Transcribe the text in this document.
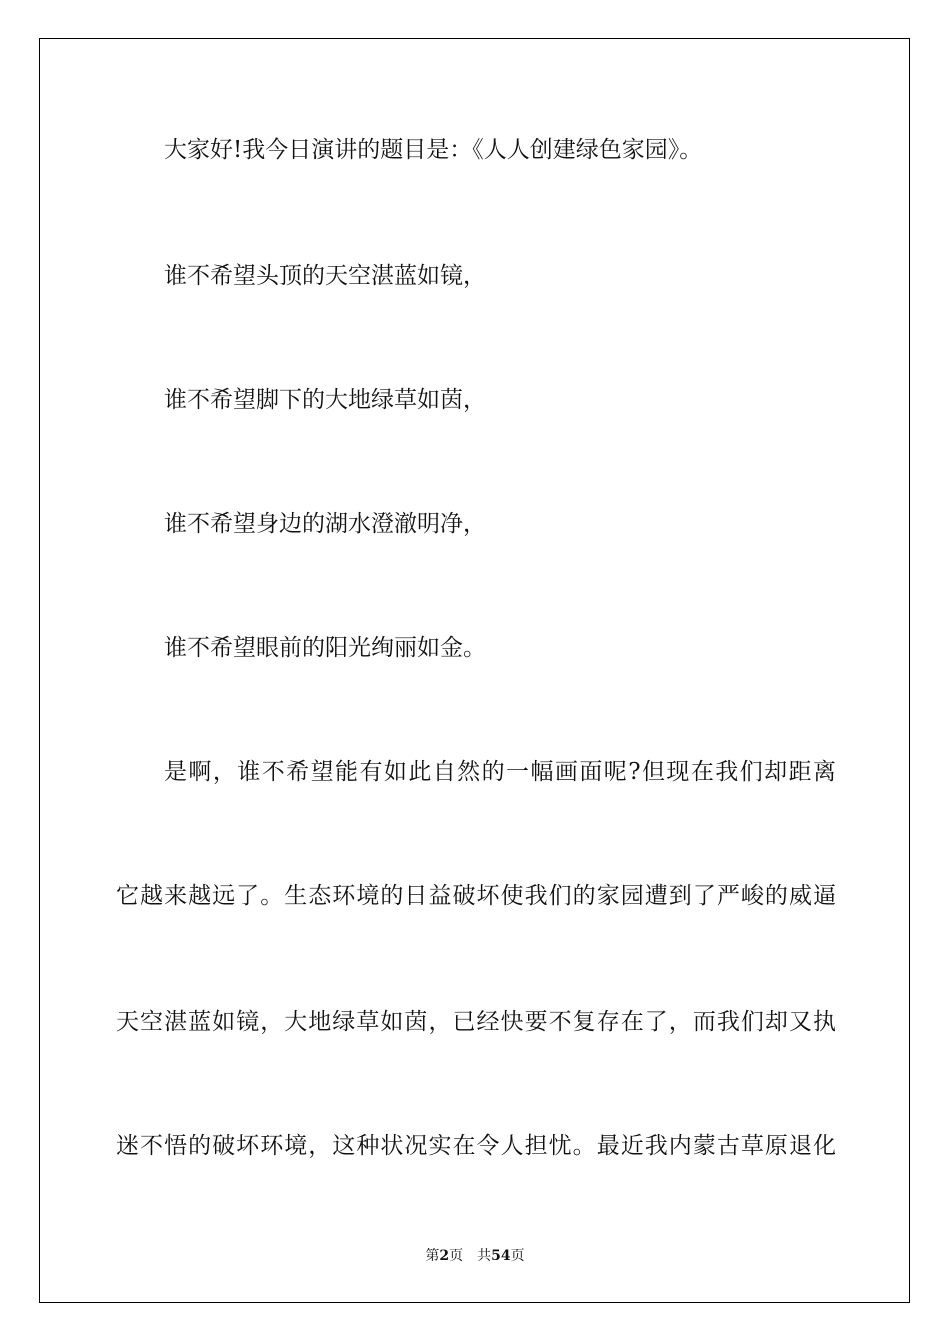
大家好!我今日演讲的题目是：《人人创建绿色家园》。

谁不希望头顶的天空湛蓝如镜，

谁不希望脚下的大地绿草如茵，

谁不希望身边的湖水澄澈明净，

谁不希望眼前的阳光绚丽如金。

是啊，谁不希望能有如此自然的一幅画面呢?但现在我们却距离

它越来越远了。生态环境的日益破坏使我们的家园遭到了严峻的威逼

天空湛蓝如镜，大地绿草如茵，已经快要不复存在了，而我们却又执

迷不悟的破坏环境，这种状况实在令人担忧。最近我内蒙古草原退化

第2页 共54页
